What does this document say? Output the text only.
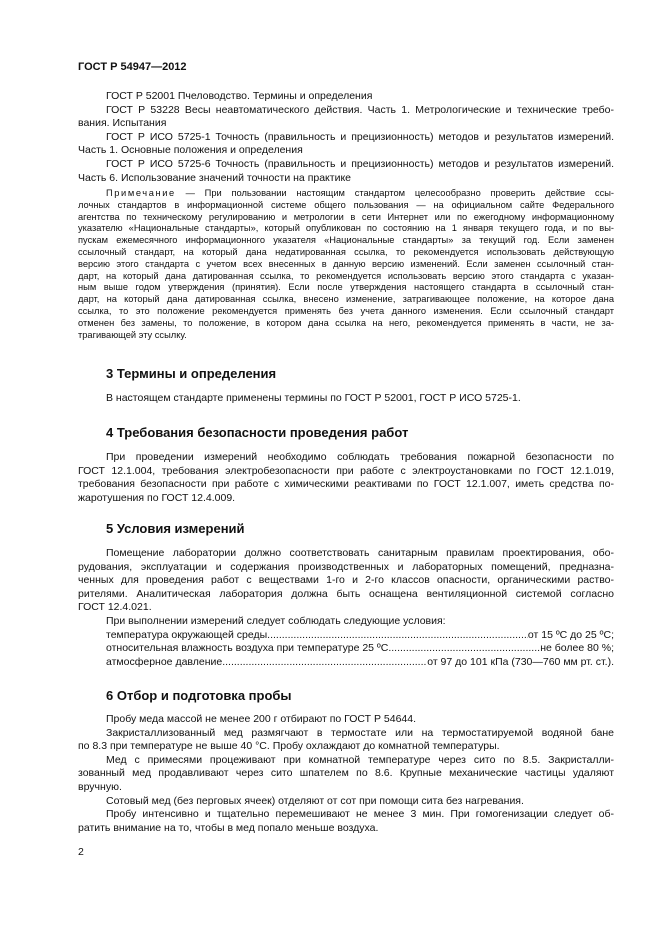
ГОСТ Р 54947—2012
ГОСТ Р 52001 Пчеловодство. Термины и определения
ГОСТ Р 53228 Весы неавтоматического действия. Часть 1. Метрологические и технические требо-
вания. Испытания
ГОСТ Р ИСО 5725-1 Точность (правильность и прецизионность) методов и результатов измерений.
Часть 1. Основные положения и определения
ГОСТ Р ИСО 5725-6 Точность (правильность и прецизионность) методов и результатов измерений.
Часть 6. Использование значений точности на практике
Примечание — При пользовании настоящим стандартом целесообразно проверить действие ссы-
лочных стандартов в информационной системе общего пользования — на официальном сайте Федерального
агентства по техническому регулированию и метрологии в сети Интернет или по ежегодному информационному
указателю «Национальные стандарты», который опубликован по состоянию на 1 января текущего года, и по вы-
пускам ежемесячного информационного указателя «Национальные стандарты» за текущий год. Если заменен
ссылочный стандарт, на который дана недатированная ссылка, то рекомендуется использовать действующую
версию этого стандарта с учетом всех внесенных в данную версию изменений. Если заменен ссылочный стан-
дарт, на который дана датированная ссылка, то рекомендуется использовать версию этого стандарта с указан-
ным выше годом утверждения (принятия). Если после утверждения настоящего стандарта в ссылочный стан-
дарт, на который дана датированная ссылка, внесено изменение, затрагивающее положение, на которое дана
ссылка, то это положение рекомендуется применять без учета данного изменения. Если ссылочный стандарт
отменен без замены, то положение, в котором дана ссылка на него, рекомендуется применять в части, не за-
трагивающей эту ссылку.
3 Термины и определения
В настоящем стандарте применены термины по ГОСТ Р 52001, ГОСТ Р ИСО 5725-1.
4 Требования безопасности проведения работ
При проведении измерений необходимо соблюдать требования пожарной безопасности по
ГОСТ 12.1.004, требования электробезопасности при работе с электроустановками по ГОСТ 12.1.019,
требования безопасности при работе с химическими реактивами по ГОСТ 12.1.007, иметь средства по-
жаротушения по ГОСТ 12.4.009.
5 Условия измерений
Помещение лаборатории должно соответствовать санитарным правилам проектирования, обо-
рудования, эксплуатации и содержания производственных и лабораторных помещений, предназна-
ченных для проведения работ с веществами 1-го и 2-го классов опасности, органическими раство-
рителями. Аналитическая лаборатория должна быть оснащена вентиляционной системой согласно
ГОСТ 12.4.021.
При выполнении измерений следует соблюдать следующие условия:
температура окружающей среды .....	от 15 ºС до 25 ºС;
относительная влажность воздуха при температуре 25 ºС .....	не более 80 %;
атмосферное давление .....	от 97 до 101 кПа (730—760 мм рт. ст.).
6 Отбор и подготовка пробы
Пробу меда массой не менее 200 г отбирают по ГОСТ Р 54644.
Закристаллизованный мед размягчают в термостате или на термостатируемой водяной бане
по 8.3 при температуре не выше 40 °С. Пробу охлаждают до комнатной температуры.
Мед с примесями процеживают при комнатной температуре через сито по 8.5. Закристалли-
зованный мед продавливают через сито шпателем по 8.6. Крупные механические частицы удаляют
вручную.
Сотовый мед (без перговых ячеек) отделяют от сот при помощи сита без нагревания.
Пробу интенсивно и тщательно перемешивают не менее 3 мин. При гомогенизации следует об-
ратить внимание на то, чтобы в мед попало меньше воздуха.
2
